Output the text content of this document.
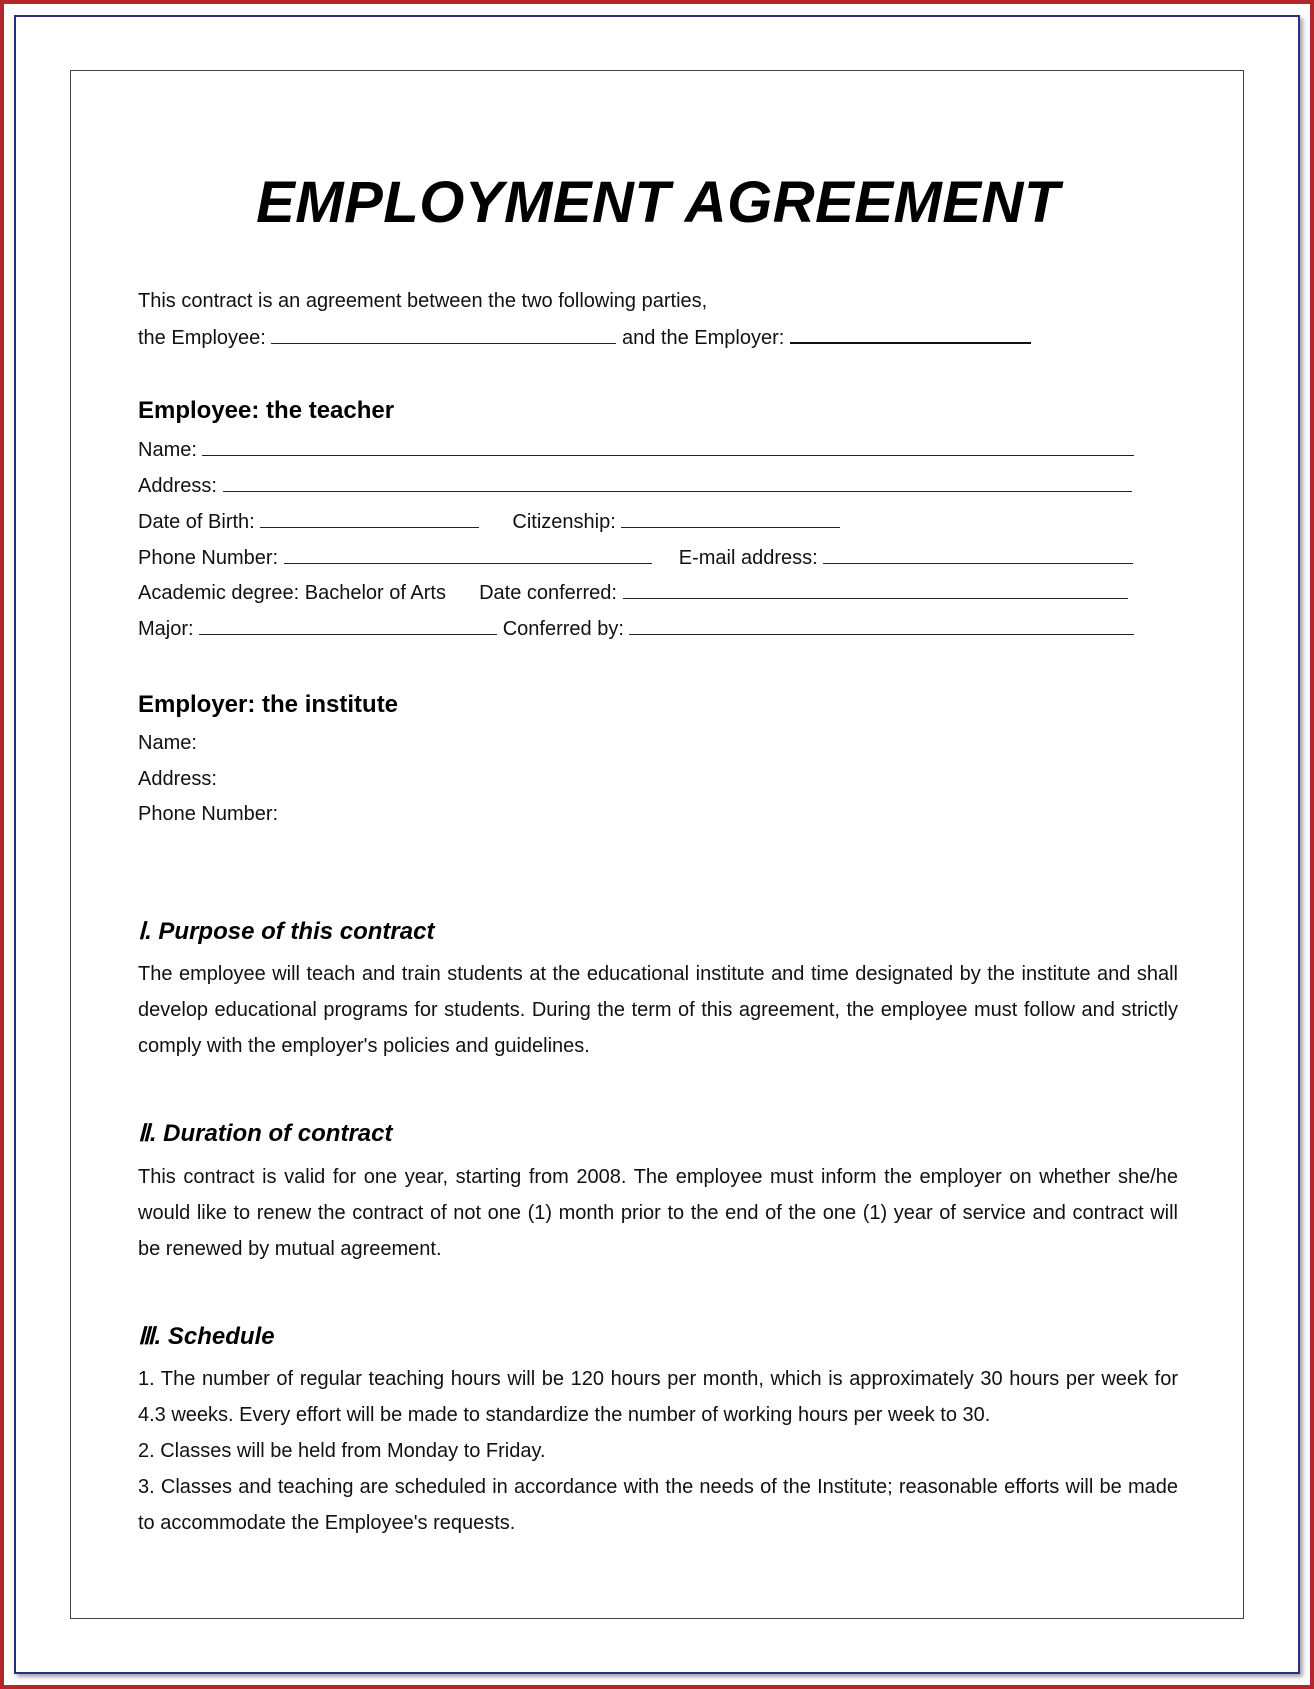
EMPLOYMENT AGREEMENT
This contract is an agreement between the two following parties,
the Employee:	and the Employer:
Employee: the teacher
Name:
Address:
Date of Birth:	Citizenship:
Phone Number:	E-mail address:
Academic degree: Bachelor of Arts Date conferred:
Major:	Conferred by:
Employer: the institute
Name:
Address:
Phone Number:
Ⅰ. Purpose of this contract

The employee will teach and train students at the educational institute and time designated by the institute and shall develop educational programs for students. During the term of this agreement, the employee must follow and strictly comply with the employer's policies and guidelines.

Ⅱ. Duration of contract

This contract is valid for one year, starting from 2008. The employee must inform the employer on whether she/he would like to renew the contract of not one (1) month prior to the end of the one (1) year of service and contract will be renewed by mutual agreement.

Ⅲ. Schedule

1. The number of regular teaching hours will be 120 hours per month, which is approximately 30 hours per week for 4.3 weeks. Every effort will be made to standardize the number of working hours per week to 30.

2. Classes will be held from Monday to Friday.

3. Classes and teaching are scheduled in accordance with the needs of the Institute; reasonable efforts will be made to accommodate the Employee's requests.
